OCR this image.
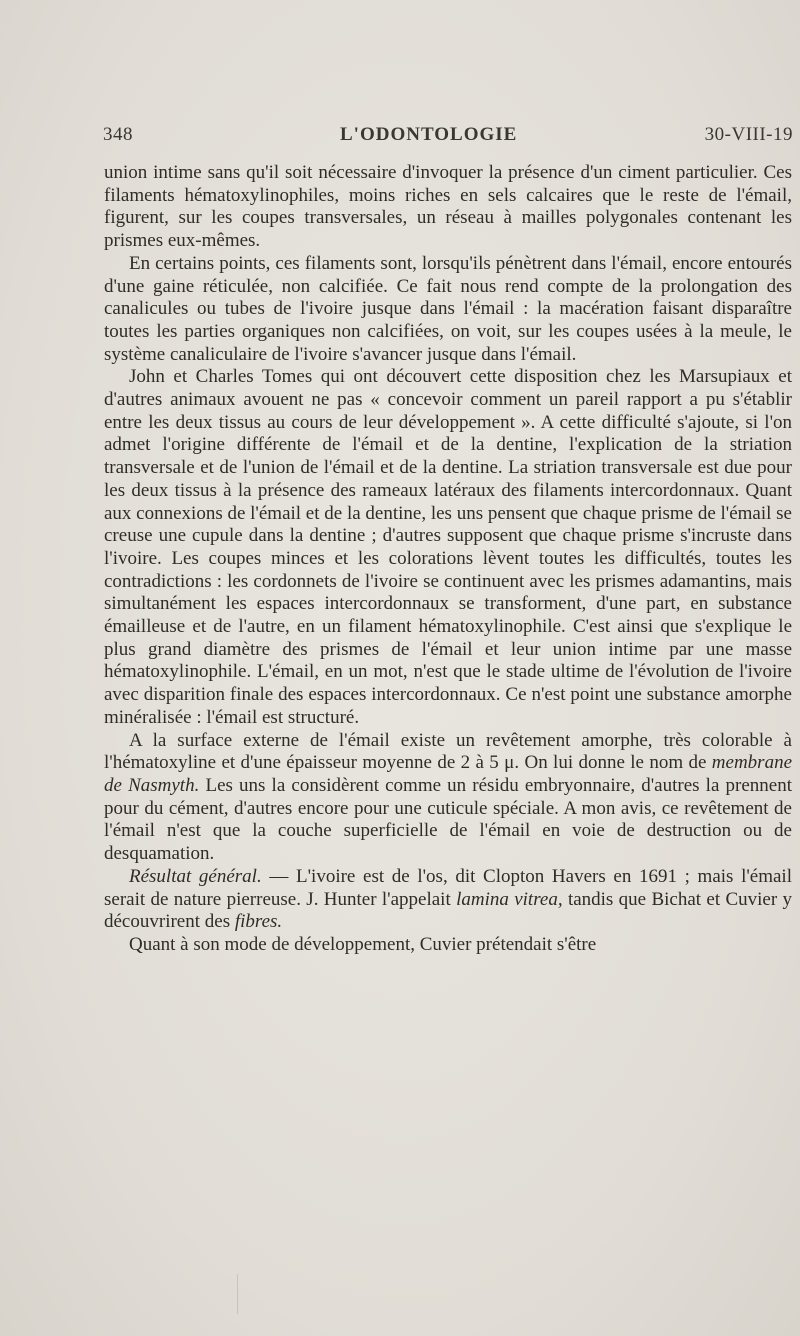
348	L'ODONTOLOGIE	30-VIII-19

union intime sans qu'il soit nécessaire d'invoquer la présence d'un ciment particulier. Ces filaments hématoxylinophiles, moins riches en sels calcaires que le reste de l'émail, figurent, sur les coupes transversales, un réseau à mailles polygonales contenant les prismes eux-mêmes.

En certains points, ces filaments sont, lorsqu'ils pénètrent dans l'émail, encore entourés d'une gaine réticulée, non calcifiée. Ce fait nous rend compte de la prolongation des canalicules ou tubes de l'ivoire jusque dans l'émail : la macération faisant disparaître toutes les parties organiques non calcifiées, on voit, sur les coupes usées à la meule, le système canaliculaire de l'ivoire s'avancer jusque dans l'émail.

John et Charles Tomes qui ont découvert cette disposition chez les Marsupiaux et d'autres animaux avouent ne pas « concevoir comment un pareil rapport a pu s'établir entre les deux tissus au cours de leur développement ». A cette difficulté s'ajoute, si l'on admet l'origine différente de l'émail et de la dentine, l'explication de la striation transversale et de l'union de l'émail et de la dentine. La striation transversale est due pour les deux tissus à la présence des rameaux latéraux des filaments intercordonnaux. Quant aux connexions de l'émail et de la dentine, les uns pensent que chaque prisme de l'émail se creuse une cupule dans la dentine ; d'autres supposent que chaque prisme s'incruste dans l'ivoire. Les coupes minces et les colorations lèvent toutes les difficultés, toutes les contradictions : les cordonnets de l'ivoire se continuent avec les prismes adamantins, mais simultanément les espaces intercordonnaux se transforment, d'une part, en substance émailleuse et de l'autre, en un filament hématoxylinophile. C'est ainsi que s'explique le plus grand diamètre des prismes de l'émail et leur union intime par une masse hématoxylinophile. L'émail, en un mot, n'est que le stade ultime de l'évolution de l'ivoire avec disparition finale des espaces intercordonnaux. Ce n'est point une substance amorphe minéralisée : l'émail est structuré.

A la surface externe de l'émail existe un revêtement amorphe, très colorable à l'hématoxyline et d'une épaisseur moyenne de 2 à 5 μ. On lui donne le nom de membrane de Nasmyth. Les uns la considèrent comme un résidu embryonnaire, d'autres la prennent pour du cément, d'autres encore pour une cuticule spéciale. A mon avis, ce revêtement de l'émail n'est que la couche superficielle de l'émail en voie de destruction ou de desquamation.

Résultat général. — L'ivoire est de l'os, dit Clopton Havers en 1691 ; mais l'émail serait de nature pierreuse. J. Hunter l'appelait lamina vitrea, tandis que Bichat et Cuvier y découvrirent des fibres.

Quant à son mode de développement, Cuvier prétendait s'être
